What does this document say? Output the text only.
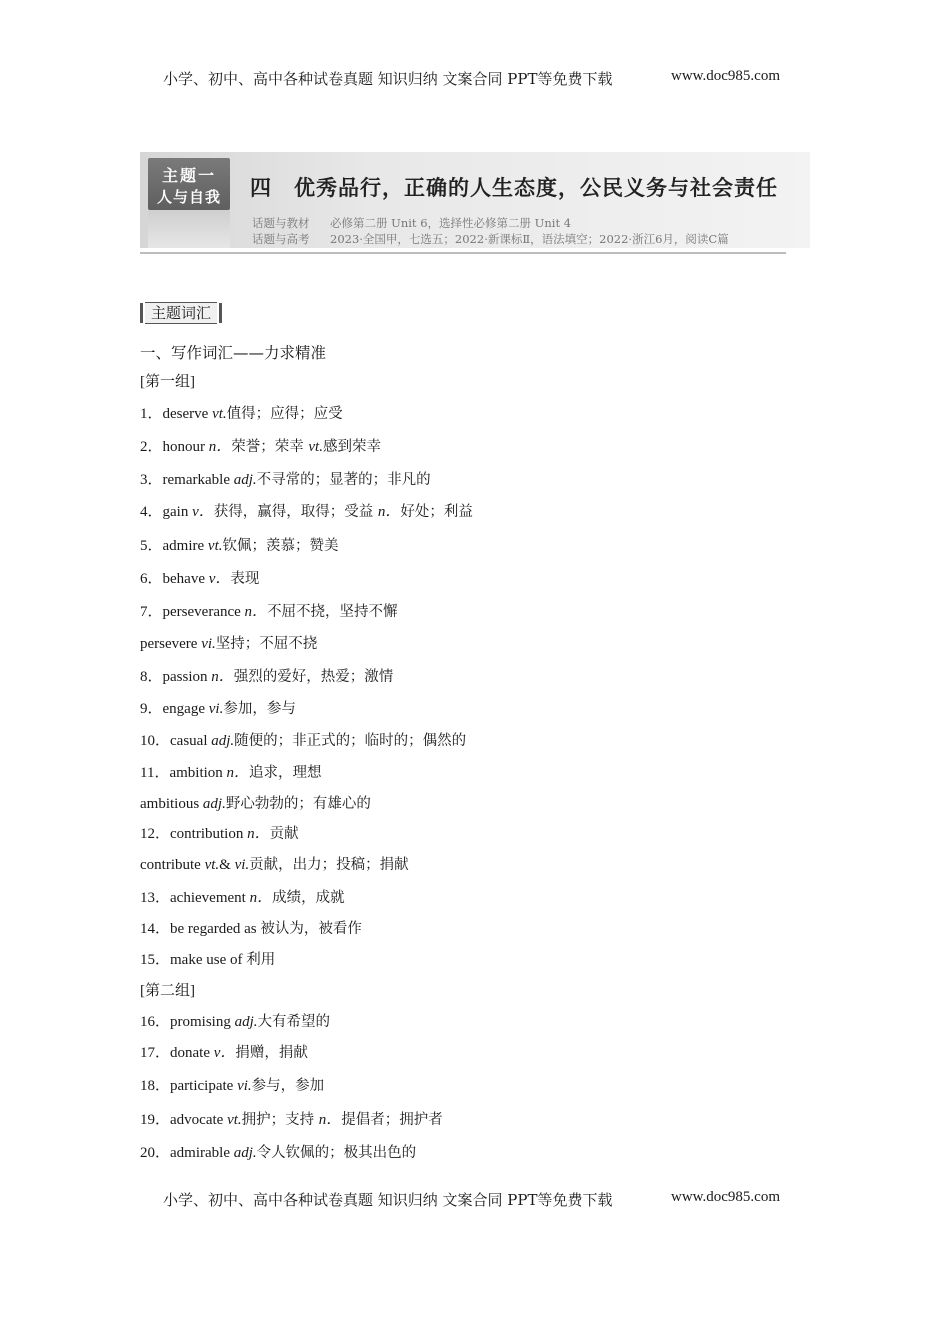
小学、初中、高中各种试卷真题 知识归纳 文案合同 PPT等免费下载	www.doc985.com
主题一
人与自我	四　优秀品行，正确的人生态度，公民义务与社会责任
话题与教材 必修第二册 Unit 6，选择性必修第二册 Unit 4
话题与高考 2023·全国甲，七选五；2022·新课标Ⅱ，语法填空；2022·浙江6月，阅读C篇
主题词汇
一、写作词汇——力求精准
[第一组]
1．deserve vt.值得；应得；应受
2．honour n．荣誉；荣幸 vt.感到荣幸
3．remarkable adj.不寻常的；显著的；非凡的
4．gain v．获得，赢得，取得；受益 n．好处；利益
5．admire vt.钦佩；羡慕；赞美
6．behave v．表现
7．perseverance n．不屈不挠，坚持不懈
persevere vi.坚持；不屈不挠
8．passion n．强烈的爱好，热爱；激情
9．engage vi.参加，参与
10．casual adj.随便的；非正式的；临时的；偶然的
11．ambition n．追求，理想
ambitious adj.野心勃勃的；有雄心的
12．contribution n．贡献
contribute vt.& vi.贡献，出力；投稿；捐献
13．achievement n．成绩，成就
14．be regarded as 被认为，被看作
15．make use of 利用
16．promising adj.大有希望的
17．donate v．捐赠，捐献
18．participate vi.参与，参加
19．advocate vt.拥护；支持 n．提倡者；拥护者
20．admirable adj.令人钦佩的；极其出色的
[第二组]
小学、初中、高中各种试卷真题 知识归纳 文案合同 PPT等免费下载	www.doc985.com
